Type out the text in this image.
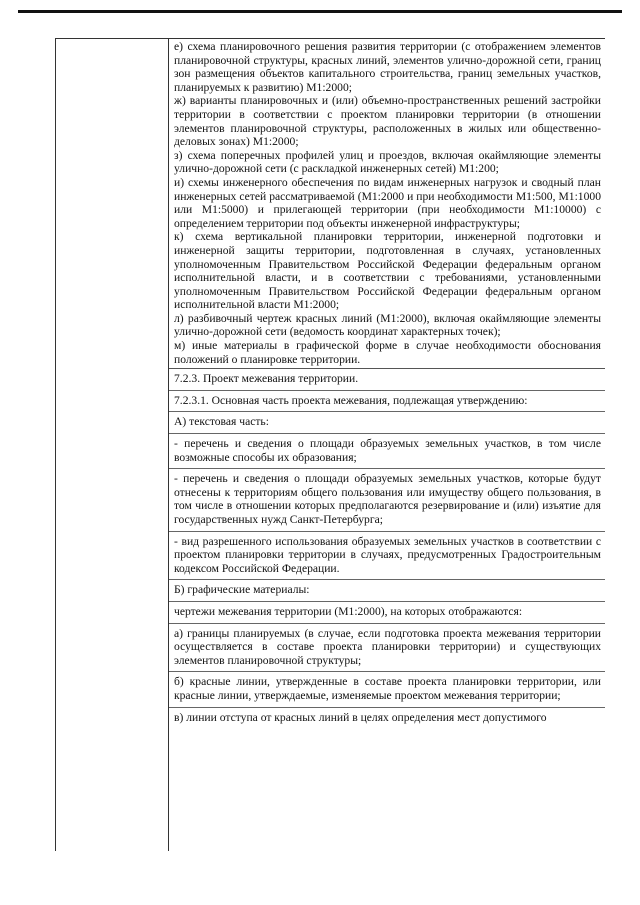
е) схема планировочного решения развития территории (с отображением элементов планировочной структуры, красных линий, элементов улично-дорожной сети, границ зон размещения объектов капитального строительства, границ земельных участков, планируемых к развитию) М1:2000;

ж) варианты планировочных и (или) объемно-пространственных решений застройки территории в соответствии с проектом планировки территории (в отношении элементов планировочной структуры, расположенных в жилых или общественно-деловых зонах) М1:2000;

з) схема поперечных профилей улиц и проездов, включая окаймляющие элементы улично-дорожной сети (с раскладкой инженерных сетей) М1:200;

и) схемы инженерного обеспечения по видам инженерных нагрузок и сводный план инженерных сетей рассматриваемой (М1:2000 и при необходимости М1:500, М1:1000 или М1:5000) и прилегающей территории (при необходимости М1:10000) с определением территории под объекты инженерной инфраструктуры;

к) схема вертикальной планировки территории, инженерной подготовки и инженерной защиты территории, подготовленная в случаях, установленных уполномоченным Правительством Российской Федерации федеральным органом исполнительной власти, и в соответствии с требованиями, установленными уполномоченным Правительством Российской Федерации федеральным органом исполнительной власти М1:2000;

л) разбивочный чертеж красных линий (М1:2000), включая окаймляющие элементы улично-дорожной сети (ведомость координат характерных точек);

м) иные материалы в графической форме в случае необходимости обоснования положений о планировке территории.

7.2.3. Проект межевания территории.
7.2.3.1. Основная часть проекта межевания, подлежащая утверждению:
А) текстовая часть:
- перечень и сведения о площади образуемых земельных участков, в том числе возможные способы их образования;
- перечень и сведения о площади образуемых земельных участков, которые будут отнесены к территориям общего пользования или имуществу общего пользования, в том числе в отношении которых предполагаются резервирование и (или) изъятие для государственных нужд Санкт-Петербурга;
- вид разрешенного использования образуемых земельных участков в соответствии с проектом планировки территории в случаях, предусмотренных Градостроительным кодексом Российской Федерации.
Б) графические материалы:
чертежи межевания территории (М1:2000), на которых отображаются:
а) границы планируемых (в случае, если подготовка проекта межевания территории осуществляется в составе проекта планировки территории) и существующих элементов планировочной структуры;
б) красные линии, утвержденные в составе проекта планировки территории, или красные линии, утверждаемые, изменяемые проектом межевания территории;
в) линии отступа от красных линий в целях определения мест допустимого
